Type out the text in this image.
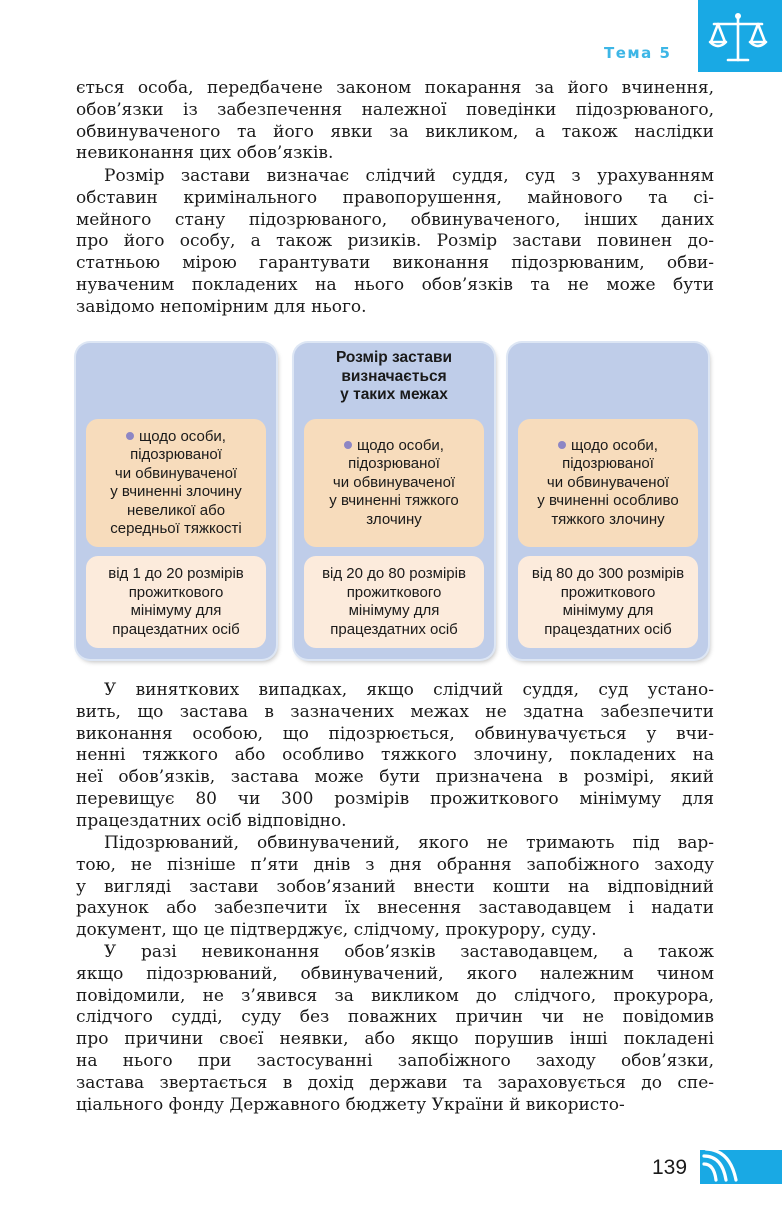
Тема 5

ється особа, передбачене законом покарання за його вчинення,
обов’язки із забезпечення належної поведінки підозрюваного,
обвинуваченого та його явки за викликом, а також наслідки
невиконання цих обов’язків.

Розмір застави визначає слідчий суддя, суд з урахуванням
обставин кримінального правопорушення, майнового та сі-
мейного стану підозрюваного, обвинуваченого, інших даних
про його особу, а також ризиків. Розмір застави повинен до-
статньою мірою гарантувати виконання підозрюваним, обви-
нуваченим покладених на нього обов’язків та не може бути
завідомо непомірним для нього.

щодо особи,
підозрюваної
чи обвинуваченої
у вчиненні злочину
невеликої або
середньої тяжкості
від 1 до 20 розмірів
прожиткового
мінімуму для
працездатних осіб
Розмір застави
визначається
у таких межах
щодо особи,
підозрюваної
чи обвинуваченої
у вчиненні тяжкого
злочину
від 20 до 80 розмірів
прожиткового
мінімуму для
працездатних осіб
щодо особи,
підозрюваної
чи обвинуваченої
у вчиненні особливо
тяжкого злочину
від 80 до 300 розмірів
прожиткового
мінімуму для
працездатних осіб

У виняткових випадках, якщо слідчий суддя, суд устано-
вить, що застава в зазначених межах не здатна забезпечити
виконання особою, що підозрюється, обвинувачується у вчи-
ненні тяжкого або особливо тяжкого злочину, покладених на
неї обов’язків, застава може бути призначена в розмірі, який
перевищує 80 чи 300 розмірів прожиткового мінімуму для
працездатних осіб відповідно.

Підозрюваний, обвинувачений, якого не тримають під вар-
тою, не пізніше п’яти днів з дня обрання запобіжного заходу
у вигляді застави зобов’язаний внести кошти на відповідний
рахунок або забезпечити їх внесення заставодавцем і надати
документ, що це підтверджує, слідчому, прокурору, суду.

У разі невиконання обов’язків заставодавцем, а також
якщо підозрюваний, обвинувачений, якого належним чином
повідомили, не з’явився за викликом до слідчого, прокурора,
слідчого судді, суду без поважних причин чи не повідомив
про причини своєї неявки, або якщо порушив інші покладені
на нього при застосуванні запобіжного заходу обов’язки,
застава звертається в дохід держави та зараховується до спе-
ціального фонду Державного бюджету України й використо-

139
